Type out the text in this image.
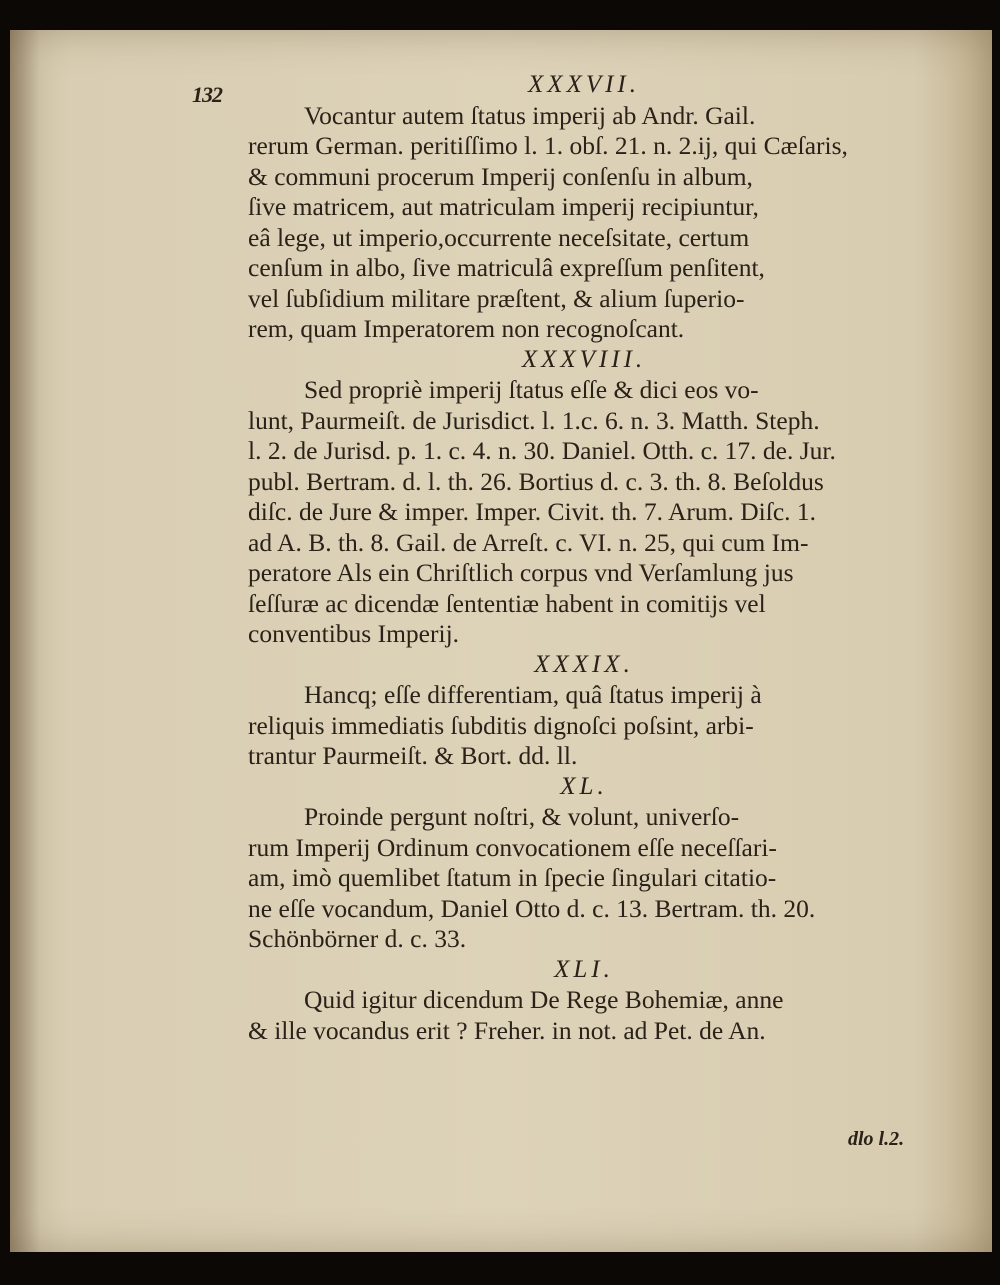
132
dlo l.2.
XXXVII.
Vocantur autem ſtatus imperij ab Andr. Gail.
rerum German. peritiſſimo l. 1. obſ. 21. n. 2.ij, qui Cæſaris,
& communi procerum Imperij conſenſu in album,
ſive matricem, aut matriculam imperij recipiuntur,
eâ lege, ut imperio,occurrente neceſsitate, certum
cenſum in albo, ſive matriculâ expreſſum penſitent,
vel ſubſidium militare præſtent, & alium ſuperio-
rem, quam Imperatorem non recognoſcant.
XXXVIII.
Sed propriè imperij ſtatus eſſe & dici eos vo-
lunt, Paurmeiſt. de Jurisdict. l. 1.c. 6. n. 3. Matth. Steph.
l. 2. de Jurisd. p. 1. c. 4. n. 30. Daniel. Otth. c. 17. de. Jur.
publ. Bertram. d. l. th. 26. Bortius d. c. 3. th. 8. Beſoldus
diſc. de Jure & imper. Imper. Civit. th. 7. Arum. Diſc. 1.
ad A. B. th. 8. Gail. de Arreſt. c. VI. n. 25, qui cum Im-
peratore Als ein Chriſtlich corpus vnd Verſamlung jus
ſeſſuræ ac dicendæ ſententiæ habent in comitijs vel
conventibus Imperij.
XXXIX.
Hancq; eſſe differentiam, quâ ſtatus imperij à
reliquis immediatis ſubditis dignoſci poſsint, arbi-
trantur Paurmeiſt. & Bort. dd. ll.
XL.
Proinde pergunt noſtri, & volunt, univerſo-
rum Imperij Ordinum convocationem eſſe neceſſari-
am, imò quemlibet ſtatum in ſpecie ſingulari citatio-
ne eſſe vocandum, Daniel Otto d. c. 13. Bertram. th. 20.
Schönbörner d. c. 33.
XLI.
Quid igitur dicendum De Rege Bohemiæ, anne
& ille vocandus erit ? Freher. in not. ad Pet. de An.
